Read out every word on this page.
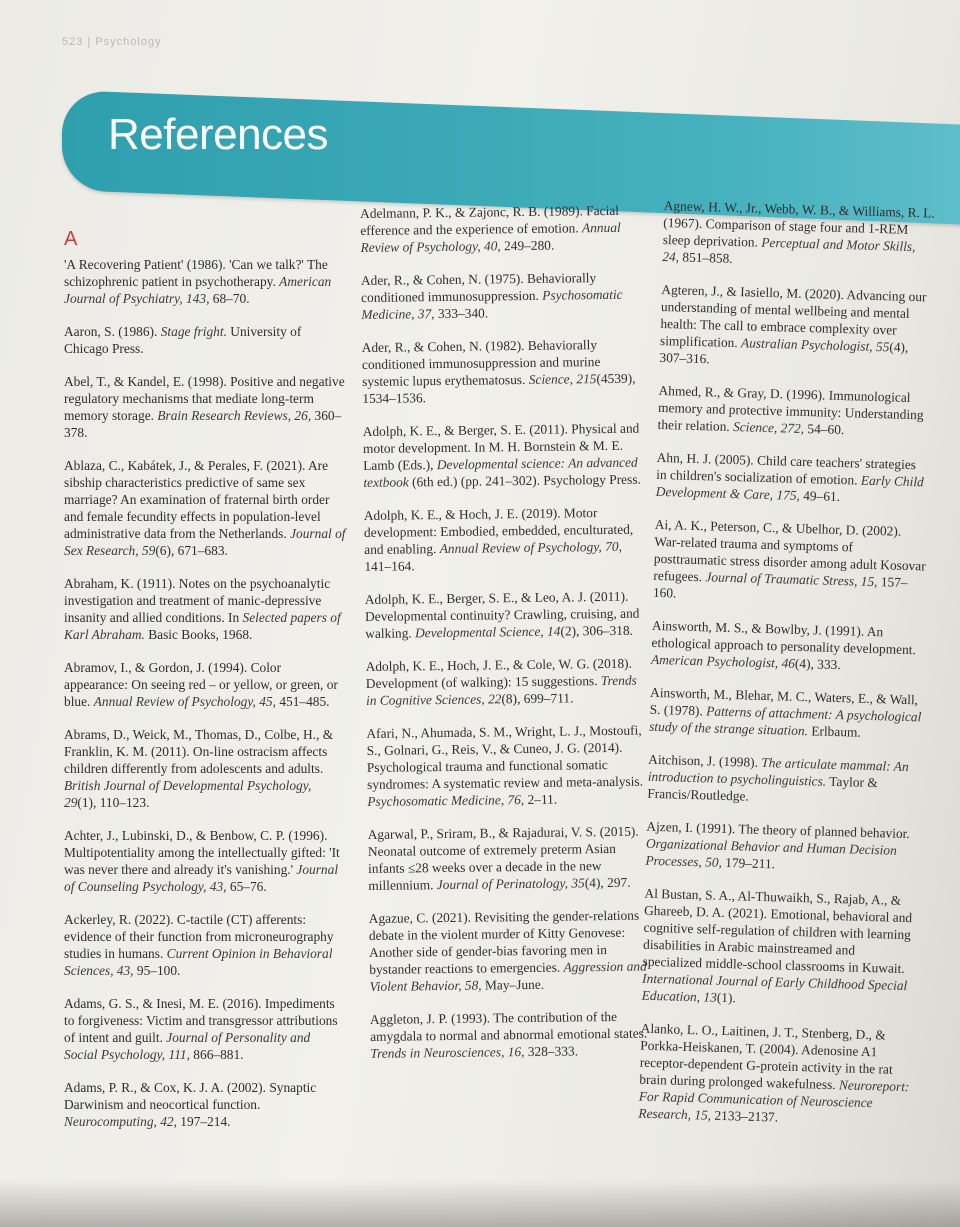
523 | Psychology
References
A
'A Recovering Patient' (1986). 'Can we talk?' The schizophrenic patient in psychotherapy. American Journal of Psychiatry, 143, 68–70.
Aaron, S. (1986). Stage fright. University of Chicago Press.
Abel, T., & Kandel, E. (1998). Positive and negative regulatory mechanisms that mediate long-term memory storage. Brain Research Reviews, 26, 360–378.
Ablaza, C., Kabátek, J., & Perales, F. (2021). Are sibship characteristics predictive of same sex marriage? An examination of fraternal birth order and female fecundity effects in population-level administrative data from the Netherlands. Journal of Sex Research, 59(6), 671–683.
Abraham, K. (1911). Notes on the psychoanalytic investigation and treatment of manic-depressive insanity and allied conditions. In Selected papers of Karl Abraham. Basic Books, 1968.
Abramov, I., & Gordon, J. (1994). Color appearance: On seeing red – or yellow, or green, or blue. Annual Review of Psychology, 45, 451–485.
Abrams, D., Weick, M., Thomas, D., Colbe, H., & Franklin, K. M. (2011). On-line ostracism affects children differently from adolescents and adults. British Journal of Developmental Psychology, 29(1), 110–123.
Achter, J., Lubinski, D., & Benbow, C. P. (1996). Multipotentiality among the intellectually gifted: 'It was never there and already it's vanishing.' Journal of Counseling Psychology, 43, 65–76.
Ackerley, R. (2022). C-tactile (CT) afferents: evidence of their function from microneurography studies in humans. Current Opinion in Behavioral Sciences, 43, 95–100.
Adams, G. S., & Inesi, M. E. (2016). Impediments to forgiveness: Victim and transgressor attributions of intent and guilt. Journal of Personality and Social Psychology, 111, 866–881.
Adams, P. R., & Cox, K. J. A. (2002). Synaptic Darwinism and neocortical function. Neurocomputing, 42, 197–214.
Adelmann, P. K., & Zajonc, R. B. (1989). Facial efference and the experience of emotion. Annual Review of Psychology, 40, 249–280.
Ader, R., & Cohen, N. (1975). Behaviorally conditioned immunosuppression. Psychosomatic Medicine, 37, 333–340.
Ader, R., & Cohen, N. (1982). Behaviorally conditioned immunosuppression and murine systemic lupus erythematosus. Science, 215(4539), 1534–1536.
Adolph, K. E., & Berger, S. E. (2011). Physical and motor development. In M. H. Bornstein & M. E. Lamb (Eds.), Developmental science: An advanced textbook (6th ed.) (pp. 241–302). Psychology Press.
Adolph, K. E., & Hoch, J. E. (2019). Motor development: Embodied, embedded, enculturated, and enabling. Annual Review of Psychology, 70, 141–164.
Adolph, K. E., Berger, S. E., & Leo, A. J. (2011). Developmental continuity? Crawling, cruising, and walking. Developmental Science, 14(2), 306–318.
Adolph, K. E., Hoch, J. E., & Cole, W. G. (2018). Development (of walking): 15 suggestions. Trends in Cognitive Sciences, 22(8), 699–711.
Afari, N., Ahumada, S. M., Wright, L. J., Mostoufi, S., Golnari, G., Reis, V., & Cuneo, J. G. (2014). Psychological trauma and functional somatic syndromes: A systematic review and meta-analysis. Psychosomatic Medicine, 76, 2–11.
Agarwal, P., Sriram, B., & Rajadurai, V. S. (2015). Neonatal outcome of extremely preterm Asian infants ≤28 weeks over a decade in the new millennium. Journal of Perinatology, 35(4), 297.
Agazue, C. (2021). Revisiting the gender-relations debate in the violent murder of Kitty Genovese: Another side of gender-bias favoring men in bystander reactions to emergencies. Aggression and Violent Behavior, 58, May–June.
Aggleton, J. P. (1993). The contribution of the amygdala to normal and abnormal emotional states. Trends in Neurosciences, 16, 328–333.
Agnew, H. W., Jr., Webb, W. B., & Williams, R. L. (1967). Comparison of stage four and 1-REM sleep deprivation. Perceptual and Motor Skills, 24, 851–858.
Agteren, J., & Iasiello, M. (2020). Advancing our understanding of mental wellbeing and mental health: The call to embrace complexity over simplification. Australian Psychologist, 55(4), 307–316.
Ahmed, R., & Gray, D. (1996). Immunological memory and protective immunity: Understanding their relation. Science, 272, 54–60.
Ahn, H. J. (2005). Child care teachers' strategies in children's socialization of emotion. Early Child Development & Care, 175, 49–61.
Ai, A. K., Peterson, C., & Ubelhor, D. (2002). War-related trauma and symptoms of posttraumatic stress disorder among adult Kosovar refugees. Journal of Traumatic Stress, 15, 157–160.
Ainsworth, M. S., & Bowlby, J. (1991). An ethological approach to personality development. American Psychologist, 46(4), 333.
Ainsworth, M., Blehar, M. C., Waters, E., & Wall, S. (1978). Patterns of attachment: A psychological study of the strange situation. Erlbaum.
Aitchison, J. (1998). The articulate mammal: An introduction to psycholinguistics. Taylor & Francis/Routledge.
Ajzen, I. (1991). The theory of planned behavior. Organizational Behavior and Human Decision Processes, 50, 179–211.
Al Bustan, S. A., Al-Thuwaikh, S., Rajab, A., & Ghareeb, D. A. (2021). Emotional, behavioral and cognitive self-regulation of children with learning disabilities in Arabic mainstreamed and specialized middle-school classrooms in Kuwait. International Journal of Early Childhood Special Education, 13(1).
Alanko, L. O., Laitinen, J. T., Stenberg, D., & Porkka-Heiskanen, T. (2004). Adenosine A1 receptor-dependent G-protein activity in the rat brain during prolonged wakefulness. Neuroreport: For Rapid Communication of Neuroscience Research, 15, 2133–2137.
